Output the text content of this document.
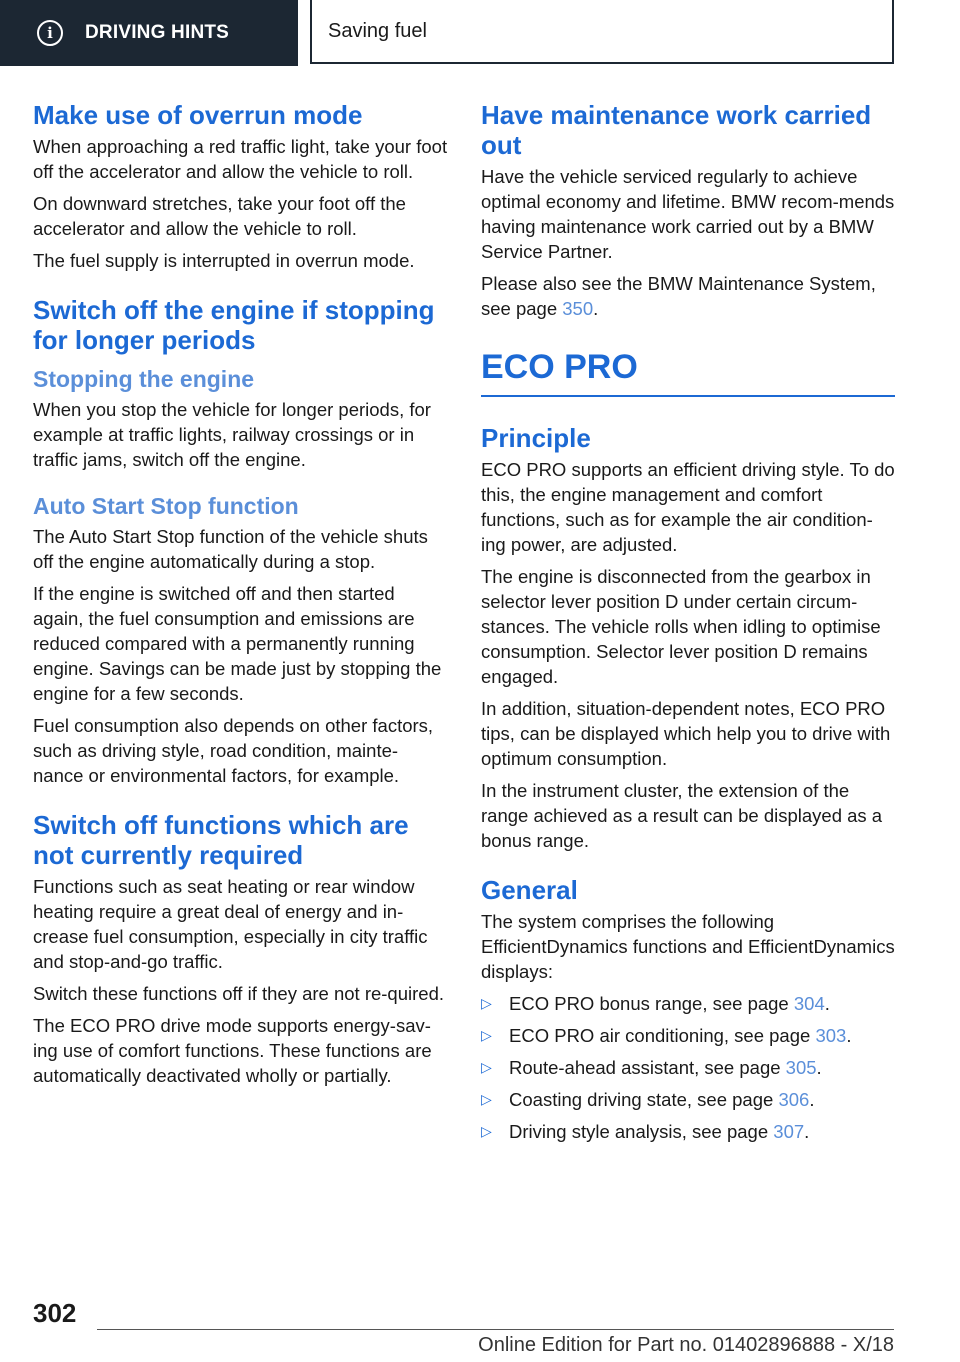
i	DRIVING HINTS	Saving fuel
Make use of overrun mode

When approaching a red traffic light, take your foot off the accelerator and allow the vehicle to roll.

On downward stretches, take your foot off the accelerator and allow the vehicle to roll.

The fuel supply is interrupted in overrun mode.

Switch off the engine if stopping for longer periods
Stopping the engine

When you stop the vehicle for longer periods, for example at traffic lights, railway crossings or in traffic jams, switch off the engine.

Auto Start Stop function

The Auto Start Stop function of the vehicle shuts off the engine automatically during a stop.

If the engine is switched off and then started again, the fuel consumption and emissions are reduced compared with a permanently running engine. Savings can be made just by stopping the engine for a few seconds.

Fuel consumption also depends on other factors, such as driving style, road condition, mainte-nance or environmental factors, for example.

Switch off functions which are not currently required

Functions such as seat heating or rear window heating require a great deal of energy and in-crease fuel consumption, especially in city traffic and stop-and-go traffic.

Switch these functions off if they are not re-quired.

The ECO PRO drive mode supports energy-sav-ing use of comfort functions. These functions are automatically deactivated wholly or partially.

Have maintenance work carried out

Have the vehicle serviced regularly to achieve optimal economy and lifetime. BMW recom-mends having maintenance work carried out by a BMW Service Partner.

Please also see the BMW Maintenance System, see page 350.

ECO PRO
Principle

ECO PRO supports an efficient driving style. To do this, the engine management and comfort functions, such as for example the air condition-ing power, are adjusted.

The engine is disconnected from the gearbox in selector lever position D under certain circum-stances. The vehicle rolls when idling to optimise consumption. Selector lever position D remains engaged.

In addition, situation-dependent notes, ECO PRO tips, can be displayed which help you to drive with optimum consumption.

In the instrument cluster, the extension of the range achieved as a result can be displayed as a bonus range.

General

The system comprises the following EfficientDynamics functions and EfficientDynamics displays:

▷ ECO PRO bonus range, see page 304.
▷ ECO PRO air conditioning, see page 303.
▷ Route-ahead assistant, see page 305.
▷ Coasting driving state, see page 306.
▷ Driving style analysis, see page 307.
302
Online Edition for Part no. 01402896888 - X/18
